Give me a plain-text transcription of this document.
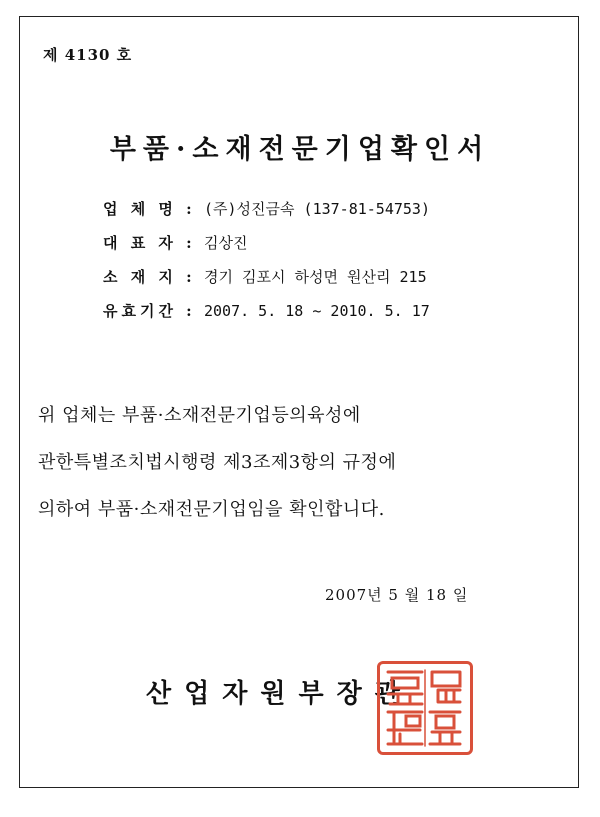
제 4130 호
부품·소재전문기업확인서
업 체 명 : (주)성진금속 (137-81-54753)
대 표 자 : 김상진
소 재 지 : 경기 김포시 하성면 원산리 215
유효기간 : 2007. 5. 18 ~ 2010. 5. 17
위 업체는 부품·소재전문기업등의육성에
관한특별조치법시행령 제3조제3항의 규정에
의하여 부품·소재전문기업임을 확인합니다.
2007년 5 월 18 일
산업자원부장관
